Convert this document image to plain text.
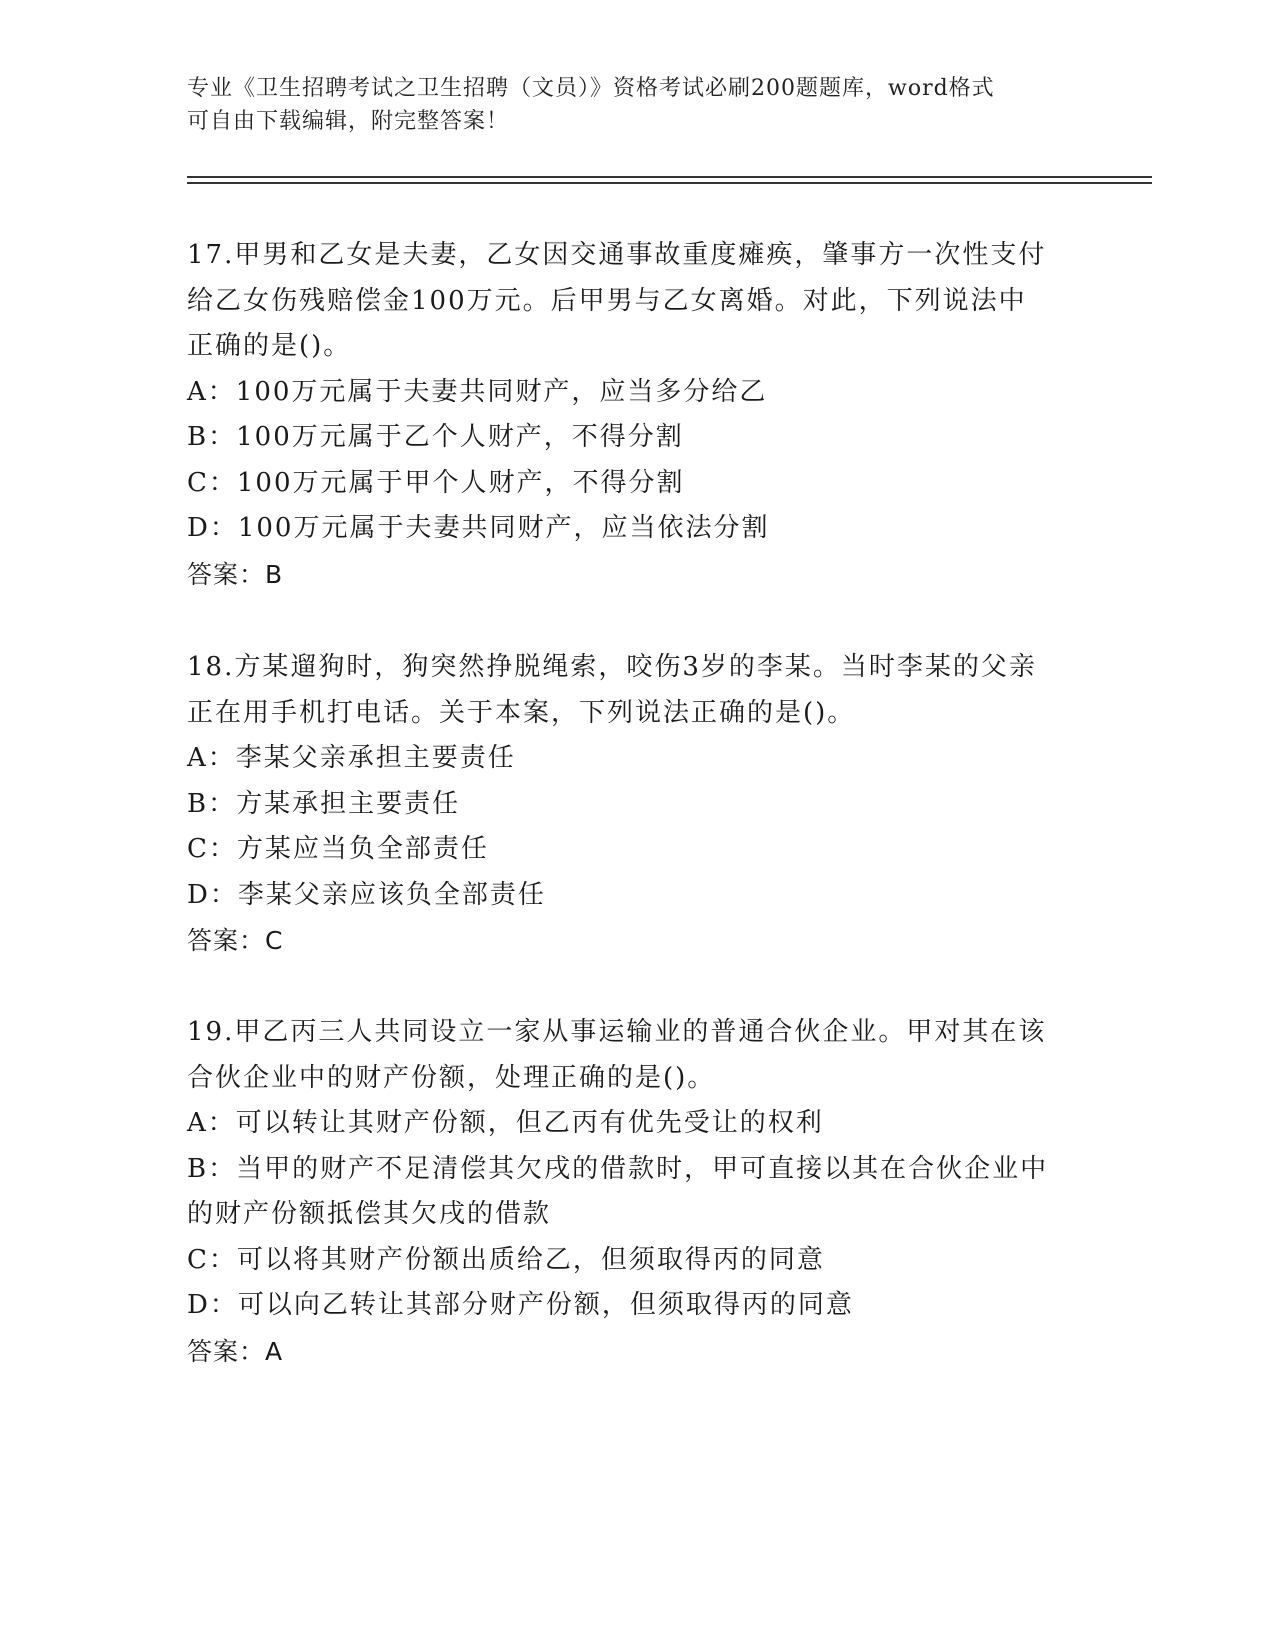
专业《卫生招聘考试之卫生招聘（文员）》资格考试必刷200题题库，word格式
可自由下载编辑，附完整答案！
17.甲男和乙女是夫妻，乙女因交通事故重度瘫痪，肇事方一次性支付
给乙女伤残赔偿金100万元。后甲男与乙女离婚。对此，下列说法中
正确的是()。
A：100万元属于夫妻共同财产，应当多分给乙
B：100万元属于乙个人财产，不得分割
C：100万元属于甲个人财产，不得分割
D：100万元属于夫妻共同财产，应当依法分割
答案：B
18.方某遛狗时，狗突然挣脱绳索，咬伤3岁的李某。当时李某的父亲
正在用手机打电话。关于本案，下列说法正确的是()。
A：李某父亲承担主要责任
B：方某承担主要责任
C：方某应当负全部责任
D：李某父亲应该负全部责任
答案：C
19.甲乙丙三人共同设立一家从事运输业的普通合伙企业。甲对其在该
合伙企业中的财产份额，处理正确的是()。
A：可以转让其财产份额，但乙丙有优先受让的权利
B：当甲的财产不足清偿其欠戌的借款时，甲可直接以其在合伙企业中
的财产份额抵偿其欠戌的借款
C：可以将其财产份额出质给乙，但须取得丙的同意
D：可以向乙转让其部分财产份额，但须取得丙的同意
答案：A
